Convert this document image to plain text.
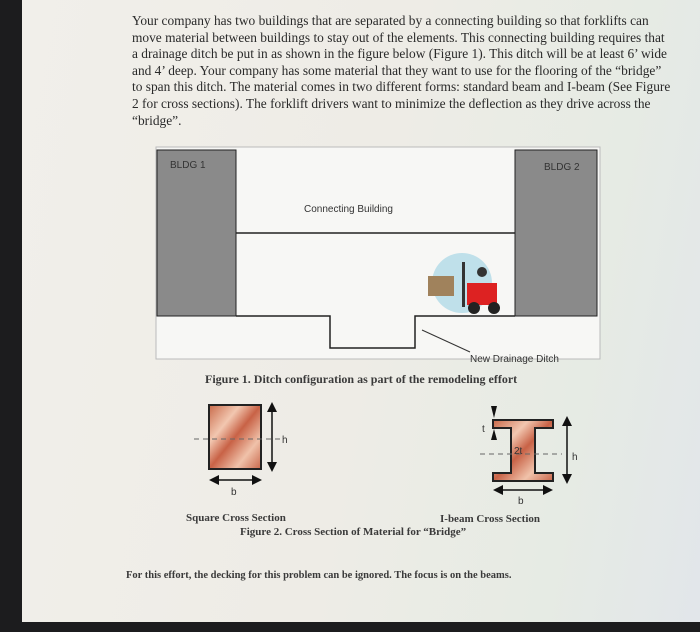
Your company has two buildings that are separated by a connecting building so that forklifts can move material between buildings to stay out of the elements. This connecting building requires that a drainage ditch be put in as shown in the figure below (Figure 1). This ditch will be at least 6’ wide and 4’ deep. Your company has some material that they want to use for the flooring of the “bridge” to span this ditch. The material comes in two different forms: standard beam and I-beam (See Figure 2 for cross sections). The forklift drivers want to minimize the deflection as they drive across the “bridge”.

BLDG 1	BLDG 2
Connecting Building
New Drainage Ditch
h
b
h
t
2t
b
Figure 1. Ditch configuration as part of the remodeling effort
Square Cross Section	I-beam Cross Section
Figure 2. Cross Section of Material for “Bridge”
For this effort, the decking for this problem can be ignored. The focus is on the beams.
